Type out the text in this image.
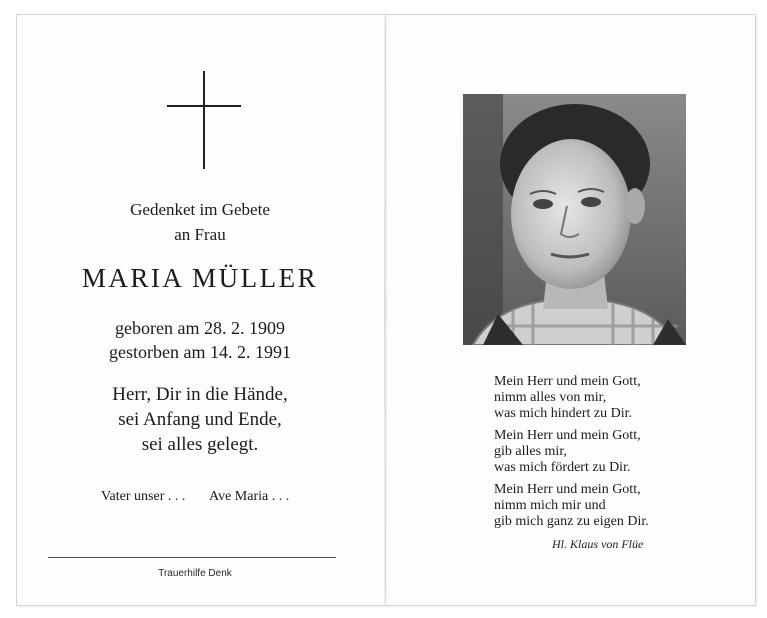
Gedenket im Gebete
an Frau
MARIA MÜLLER
geboren am 28. 2. 1909
gestorben am 14. 2. 1991
Herr, Dir in die Hände,
sei Anfang und Ende,
sei alles gelegt.
Vater unser . . . Ave Maria . . .
Trauerhilfe Denk
Mein Herr und mein Gott,
nimm alles von mir,
was mich hindert zu Dir.
Mein Herr und mein Gott,
gib alles mir,
was mich fördert zu Dir.
Mein Herr und mein Gott,
nimm mich mir und
gib mich ganz zu eigen Dir.
Hl. Klaus von Flüe
